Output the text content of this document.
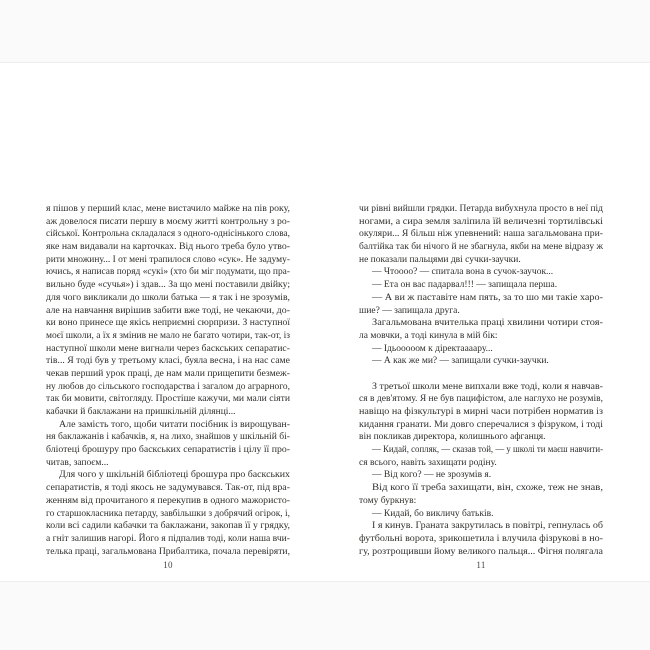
я пішов у перший клас, мене вистачило майже на пів року,
аж довелося писати першу в моєму житті контрольну з ро-
сійської. Контрольна складалася з одного-однісінького слова,
яке нам видавали на карточках. Від нього треба було утво-
рити множину... І от мені трапилося слово «сук». Не задуму-
ючись, я написав поряд «сукі» (хто би міг подумати, що пра-
вильно буде «сучья») і здав... За що мені поставили двійку;
для чого викликали до школи батька — я так і не зрозумів,
але на навчання вирішив забити вже тоді, не чекаючи, до-
ки воно принесе ще якісь неприємні сюрпризи. З наступної
моєї школи, а їх я змінив не мало не багато чотири, так-от, із
наступної школи мене вигнали через баскських сепаратис-
тів... Я тоді був у третьому класі, буяла весна, і на нас саме
чекав перший урок праці, де нам мали прищепити безмеж-
ну любов до сільського господарства і загалом до аграрного,
так би мовити, світогляду. Простіше кажучи, ми мали сіяти
кабачки й баклажани на пришкільній ділянці...
Але замість того, щоби читати посібник із вирощуван-
ня баклажанів і кабачків, я, на лихо, знайшов у шкільній бі-
бліотеці брошуру про баскських сепаратистів і цілу її про-
читав, запоєм...
Для чого у шкільній бібліотеці брошура про баскських
сепаратистів, я тоді якось не задумувався. Так-от, під вра-
женням від прочитаного я перекупив в одного мажористо-
го старшокласника петарду, завбільшки з добрячий огірок, і,
коли всі садили кабачки та баклажани, закопав її у грядку,
а гніт залишив нагорі. Його я підпалив тоді, коли наша вчи-
телька праці, загальмована Прибалтика, почала перевіряти,
10
чи рівні вийшли грядки. Петарда вибухнула просто в неї під
ногами, а сира земля заліпила їй величезні тортилівські
окуляри... Я більш ніж упевнений: наша загальмована при-
балтійка так би нічого й не збагнула, якби на мене відразу ж
не показали пальцями дві сучки-заучки.
— Чтоооо? — спитала вона в сучок-заучок...
— Ета он вас падарвал!!! — запищала перша.
— А ви ж паставіте нам пять, за то шо ми такіе харо-
шие? — запищала друга.
Загальмована вчителька праці хвилини чотири стоя-
ла мовчки, а тоді кинула в мій бік:
— Ідьооооом к діректаааару...
— А как же ми? — запищали сучки-заучки.
З третьої школи мене випхали вже тоді, коли я навчав-
ся в дев'ятому. Я не був пацифістом, але наглухо не розумів,
навіщо на фізкультурі в мирні часи потрібен норматив із
кидання гранати. Ми довго сперечалися з фізруком, і тоді
він покликав директора, колишнього афганця.
— Кидай, сопляк, — сказав той, — у школі ти маєш навчити-
ся всього, навіть захищати родіну.
— Від кого? — не зрозумів я.
Від кого її треба захищати, він, схоже, теж не знав,
тому буркнув:
— Кидай, бо викличу батьків.
І я кинув. Граната закрутилась в повітрі, гепнулась об
футбольні ворота, зрикошетила і влучила фізрукові в но-
гу, розтрощивши йому великого пальця... Фігня полягала
11
